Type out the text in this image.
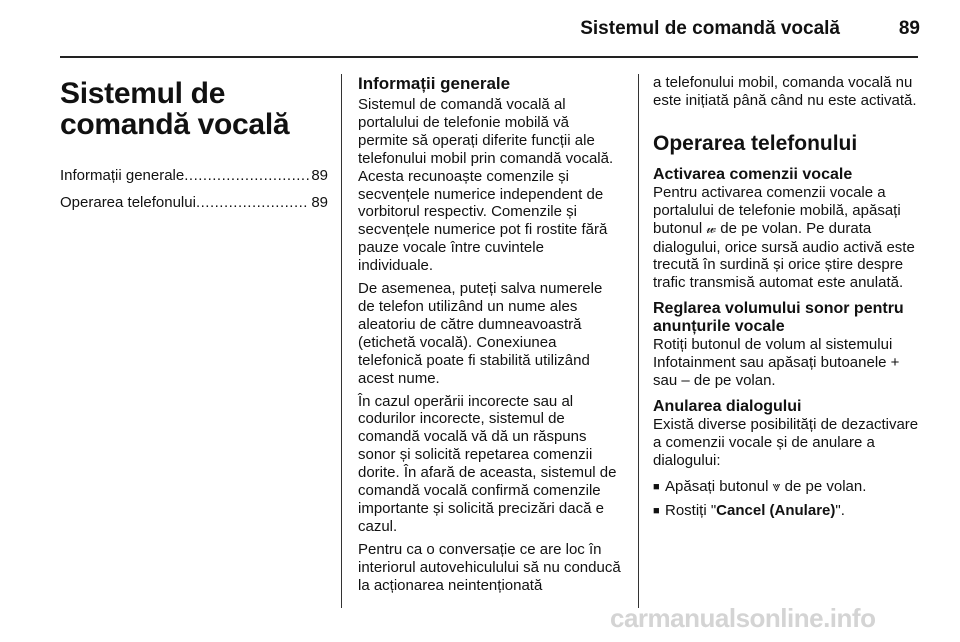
Sistemul de comandă vocală	89
Sistemul de
comandă vocală
Informații generale .....	89
Operarea telefonului .....	89
Informații generale

Sistemul de comandă vocală al portalului de telefonie mobilă vă permite să operați diferite funcții ale telefonului mobil prin comandă vocală. Acesta recunoaște comenzile și secvențele numerice independent de vorbitorul respectiv. Comenzile și secvențele numerice pot fi rostite fără pauze vocale între cuvintele individuale.

De asemenea, puteți salva numerele de telefon utilizând un nume ales aleatoriu de către dumneavoastră (etichetă vocală). Conexiunea telefonică poate fi stabilită utilizând acest nume.

În cazul operării incorecte sau al codurilor incorecte, sistemul de comandă vocală vă dă un răspuns sonor și solicită repetarea comenzii dorite. În afară de aceasta, sistemul de comandă vocală confirmă comenzile importante și solicită precizări dacă e cazul.

Pentru ca o conversație ce are loc în interiorul autovehiculului să nu conducă la acționarea neintenționată

a telefonului mobil, comanda vocală nu este inițiată până când nu este activată.

Operarea telefonului
Activarea comenzii vocale

Pentru activarea comenzii vocale a portalului de telefonie mobilă, apăsați butonul 𝓌 de pe volan. Pe durata dialogului, orice sursă audio activă este trecută în surdină și orice știre despre trafic transmisă automat este anulată.

Reglarea volumului sonor pentru anunțurile vocale

Rotiți butonul de volum al sistemului Infotainment sau apăsați butoanele + sau – de pe volan.

Anularea dialogului

Există diverse posibilități de dezactivare a comenzii vocale și de anulare a dialogului:

■ Apăsați butonul ⩔ de pe volan.
■ Rostiți "Cancel (Anulare)".
carmanualsonline.info
